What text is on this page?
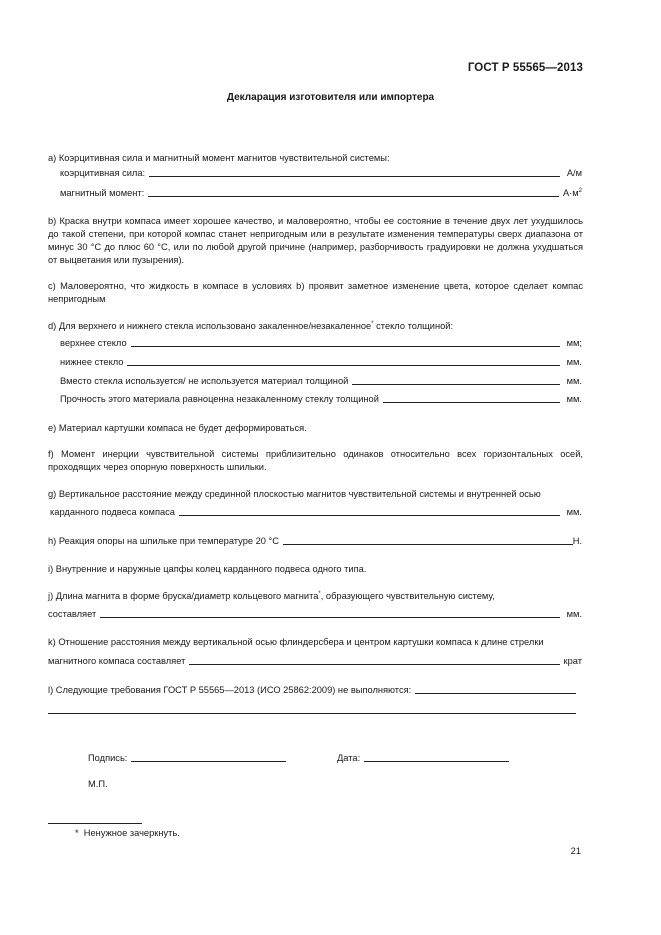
ГОСТ Р 55565—2013
Декларация изготовителя или импортера
a) Коэрцитивная сила и магнитный момент магнитов чувствительной системы:
коэрцитивная сила:	А/м
магнитный момент:	$А\cdot м^2$
b) Краска внутри компаса имеет хорошее качество, и маловероятно, чтобы ее состояние в течение двух лет ухудшилось до такой степени, при которой компас станет непригодным или в результате изменения температуры сверх диапазона от минус 30 °С до плюс 60 °С, или по любой другой причине (например, разборчивость градуировки не должна ухудшаться от выцветания или пузырения).
с) Маловероятно, что жидкость в компасе в условиях b) проявит заметное изменение цвета, которое сделает компас непригодным
d) Для верхнего и нижнего стекла использовано закаленное/незакаленное* стекло толщиной:
верхнее стекло	мм;
нижнее стекло	мм.
Вместо стекла используется/ не используется материал толщиной	мм.
Прочность этого материала равноценна незакаленному стеклу толщиной	мм.
е) Материал картушки компаса не будет деформироваться.
f) Момент инерции чувствительной системы приблизительно одинаков относительно всех горизонтальных осей, проходящих через опорную поверхность шпильки.
g) Вертикальное расстояние между срединной плоскостью магнитов чувствительной системы и внутренней осью
карданного подвеса компаса	мм.
h) Реакция опоры на шпильке при температуре 20 °С	Н.
i) Внутренние и наружные цапфы колец карданного подвеса одного типа.
j) Длина магнита в форме бруска/диаметр кольцевого магнита*, образующего чувствительную систему,
составляет	мм.
k) Отношение расстояния между вертикальной осью флиндерсбера и центром картушки компаса к длине стрелки
магнитного компаса составляет	крат
l) Следующие требования ГОСТ Р 55565—2013 (ИСО 25862:2009) не выполняются:
Подпись:	Дата:
М.П.
* Ненужное зачеркнуть.
21
